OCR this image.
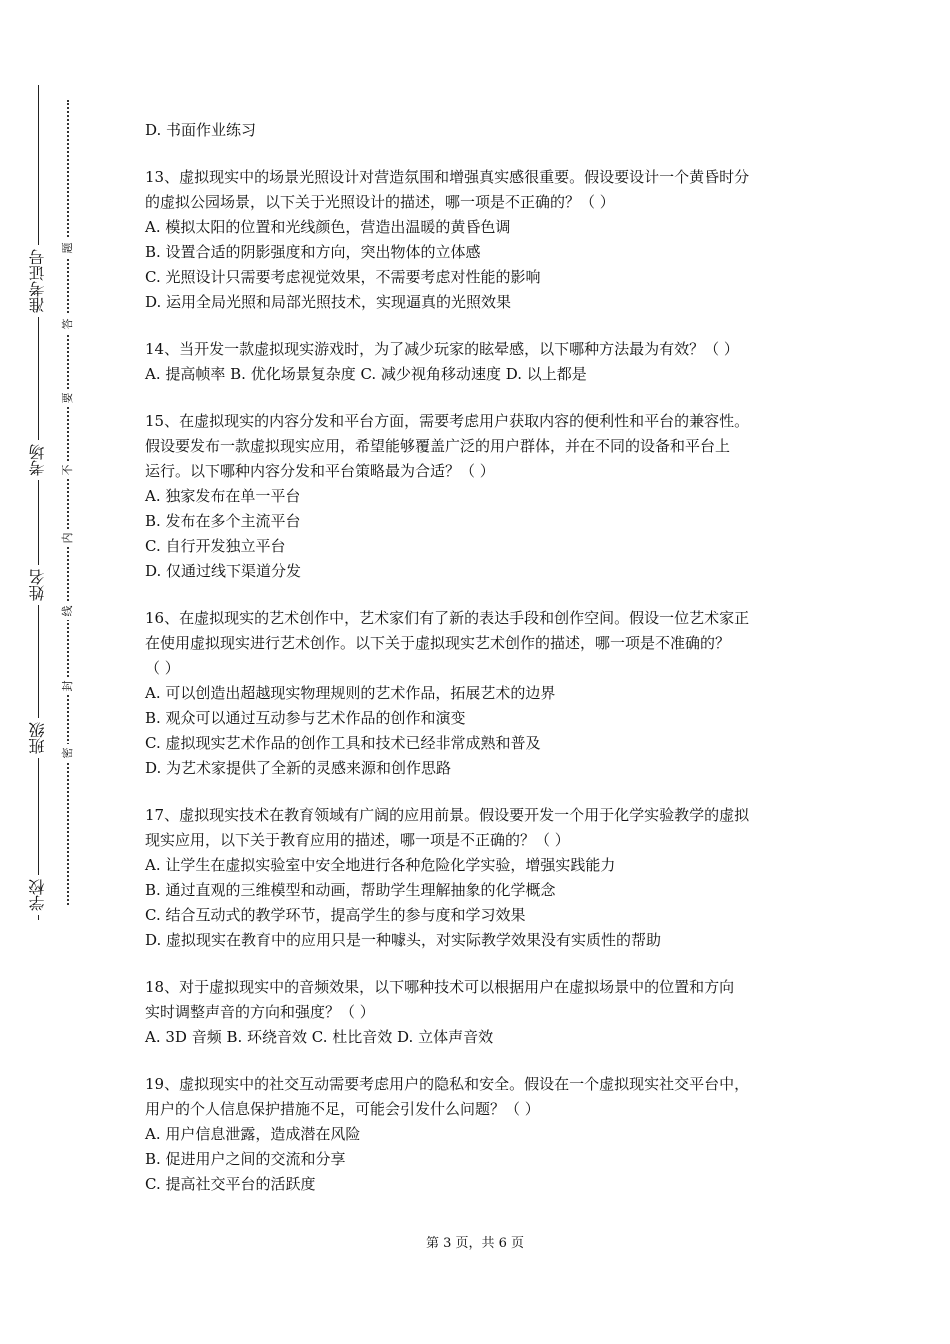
准考证号
考场
姓名
班级
学校
题
答
要
不
内
线
封
密
D. 书面作业练习
13、虚拟现实中的场景光照设计对营造氛围和增强真实感很重要。假设要设计一个黄昏时分
的虚拟公园场景，以下关于光照设计的描述，哪一项是不正确的？（ ）
A. 模拟太阳的位置和光线颜色，营造出温暖的黄昏色调
B. 设置合适的阴影强度和方向，突出物体的立体感
C. 光照设计只需要考虑视觉效果，不需要考虑对性能的影响
D. 运用全局光照和局部光照技术，实现逼真的光照效果
14、当开发一款虚拟现实游戏时，为了减少玩家的眩晕感，以下哪种方法最为有效？（ ）
A. 提高帧率 B. 优化场景复杂度 C. 减少视角移动速度 D. 以上都是
15、在虚拟现实的内容分发和平台方面，需要考虑用户获取内容的便利性和平台的兼容性。
假设要发布一款虚拟现实应用，希望能够覆盖广泛的用户群体，并在不同的设备和平台上
运行。以下哪种内容分发和平台策略最为合适？（ ）
A. 独家发布在单一平台
B. 发布在多个主流平台
C. 自行开发独立平台
D. 仅通过线下渠道分发
16、在虚拟现实的艺术创作中，艺术家们有了新的表达手段和创作空间。假设一位艺术家正
在使用虚拟现实进行艺术创作。以下关于虚拟现实艺术创作的描述，哪一项是不准确的？
（ ）
A. 可以创造出超越现实物理规则的艺术作品，拓展艺术的边界
B. 观众可以通过互动参与艺术作品的创作和演变
C. 虚拟现实艺术作品的创作工具和技术已经非常成熟和普及
D. 为艺术家提供了全新的灵感来源和创作思路
17、虚拟现实技术在教育领域有广阔的应用前景。假设要开发一个用于化学实验教学的虚拟
现实应用，以下关于教育应用的描述，哪一项是不正确的？（ ）
A. 让学生在虚拟实验室中安全地进行各种危险化学实验，增强实践能力
B. 通过直观的三维模型和动画，帮助学生理解抽象的化学概念
C. 结合互动式的教学环节，提高学生的参与度和学习效果
D. 虚拟现实在教育中的应用只是一种噱头，对实际教学效果没有实质性的帮助
18、对于虚拟现实中的音频效果，以下哪种技术可以根据用户在虚拟场景中的位置和方向
实时调整声音的方向和强度？（ ）
A. 3D 音频 B. 环绕音效 C. 杜比音效 D. 立体声音效
19、虚拟现实中的社交互动需要考虑用户的隐私和安全。假设在一个虚拟现实社交平台中，
用户的个人信息保护措施不足，可能会引发什么问题？（ ）
A. 用户信息泄露，造成潜在风险
B. 促进用户之间的交流和分享
C. 提高社交平台的活跃度
第 3 页，共 6 页
